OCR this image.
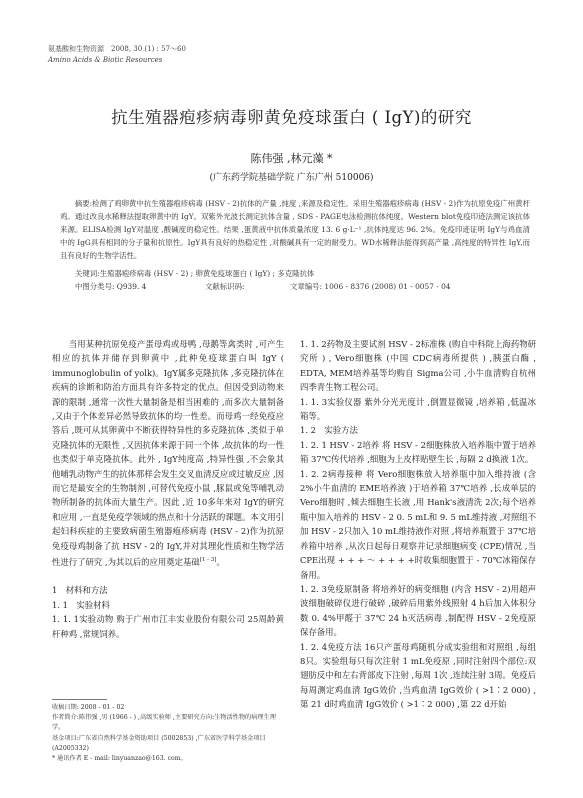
氨基酸和生物资源　2008, 30 (1) : 57～60
Amino Acids & Biotic Resources
抗生殖器疱疹病毒卵黄免疫球蛋白 ( IgY)的研究
陈伟强 ,林元藻 *
(广东药学院基础学院 广东广州 510006)

摘要:检测了鸡卵黄中抗生殖器疱疹病毒 (HSV - 2)抗体的产量 ,纯度 ,来源及稳定性。采用生殖器疱疹病毒 (HSV - 2)作为抗原免疫广州黄杆鸡。通过改良水稀释法提取卵黄中的 IgY。双紫外光波长测定抗体含量 , SDS - PAGE电泳检测抗体纯度。Western blot免疫印迹法测定该抗体来源。ELISA检测 IgY对温度 ,酸碱度的稳定性。结果 ,蛋黄液中抗体质量浓度 13. 6 g·L⁻¹ ,抗体纯度达 96. 2%。免疫印迹证明 IgY与鸡血清中的 IgG具有相同的分子量和抗原性。IgY具有良好的热稳定性 ,对酸碱具有一定的耐受力。WD水稀释法能得到高产量 ,高纯度的特异性 IgY,而且有良好的生物学活性。

关键词:生殖器疱疹病毒 (HSV - 2) ; 卵黄免疫球蛋白 ( IgY) ; 多克隆抗体
中图分类号: Q939. 4	文献标识码:	文章编号: 1006 - 8376 (2008) 01 - 0057 - 04

当用某种抗原免疫产蛋母鸡或母鸭 ,母鹅等禽类时 ,可产生相应的抗体并储存到卵黄中 ,此种免疫球蛋白叫 IgY ( immunoglobulin of yolk)。IgY属多克隆抗体 ,多克隆抗体在疾病的诊断和防治方面具有许多特定的优点。但因受到动物来源的限制 ,通常一次性大量制备是相当困难的 ,而多次大量制备 ,又由于个体差异必然导致抗体的均一性差。而母鸡一经免疫应答后 ,既可从其卵黄中不断获得特异性的多克隆抗体 ,类似于单克隆抗体的无限性 ,又因抗体来源于同一个体 ,故抗体的均一性也类似于单克隆抗体。此外 , IgY纯度高 ,特异性强 ,不会象其他哺乳动物产生的抗体那样会发生交叉血清反应或过敏反应 ,因而它是最安全的生物制剂 ,可替代免疫小鼠 ,豚鼠或兔等哺乳动物所制备的抗体而大量生产。因此 ,近 10多年来对 IgY的研究和应用 ,一直是免疫学领域的热点和十分活跃的课题。本文用引起妇科疾症的主要致病菌生殖器疱疹病毒 (HSV - 2)作为抗原免疫母鸡制备了抗 HSV - 2的 IgY,并对其理化性质和生物学活性进行了研究 ,为其以后的应用奠定基础[1 - 3]。

1　材料和方法

1. 1　实验材料

1. 1. 1实验动物 购于广州市江丰实业股份有限公司 25周龄黄杆种鸡 ,常规饲养。

1. 1. 2药物及主要试剂 HSV - 2标准株 (购自中科院上海药物研究所 ) , Vero细胞株 (中国 CDC病毒所提供 ) ,胰蛋白酶 , EDTA, MEM培养基等均购自 Sigma公司 ,小牛血清购自杭州四季青生物工程公司。

1. 1. 3实验仪器 紫外分光光度计 ,倒置显微镜 ,培养箱 ,低温冰箱等。

1. 2　实验方法

1. 2. 1 HSV - 2培养 将 HSV - 2细胞株放入培养瓶中置于培养箱 37℃传代培养 ,细胞为上皮样贴壁生长 ,每隔 2 d换液 1次。

1. 2. 2病毒接种 将 Vero细胞株放入培养瓶中加入维持液 (含 2%小牛血清的 EME培养液 )于培养箱 37℃培养 ,长成单层的 Vero细胞时 ,倾去细胞生长液 ,用 Hank's液清洗 2次;每个培养瓶中加入培养的 HSV - 2 0. 5 mL和 9. 5 mL维持液 ,对照组不加 HSV - 2只加入 10 mL维持液作对照 ,将培养瓶置于 37℃培养箱中培养 ,从次日起每日观察并记录细胞病变 (CPE)情况 ,当 CPE出现 + + + ～ + + + +时收集细胞置于 - 70℃冰箱保存备用。

1. 2. 3免疫原制备 将培养好的病变细胞 (内含 HSV - 2)用超声波细胞破碎仪进行破碎 ,破碎后用紫外线照射 4 h后加入体积分数 0. 4%甲醛于 37℃ 24 h灭活病毒 ,制配得 HSV - 2免疫原保存备用。

1. 2. 4免疫方法 16只产蛋母鸡随机分成实验组和对照组 ,每组 8只。实验组每只每次注射 1 mL免疫原 ,同时注射四个部位:双翅肪反中和左右背部皮下注射 ,每周 1次 ,连续注射 3周。免疫后每周测定鸡血清 IgG效价 ,当鸡血清 IgG效价 ( >1∶2 000) ,第 21 d时鸡血清 IgG效价 ( >1∶2 000) ,第 22 d开始

收稿日期: 2008 - 01 - 02

作者简介:陈伟强 ,男 (1966 - ) ,高级实验师 ,主要研究方向:生物活性物的病理生理学。

基金项目:广东省自然科学基金资助项目 (5002853) ,广东省医学科学基金项目 (A2005332)

* 通讯作者 E - mail: linyuanzao@163. com。
